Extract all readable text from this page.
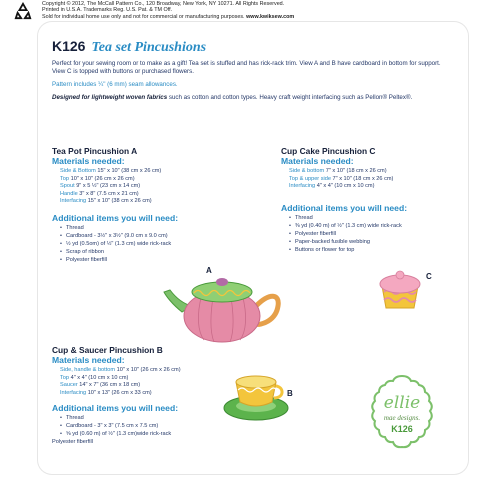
Copyright © 2012, The McCall Pattern Co., 120 Broadway, New York, NY 10271. All Rights Reserved.
Printed in U.S.A. Trademarks Reg. U.S. Pat. & TM Off.
Sold for individual home use only and not for commercial or manufacturing purposes. www.kwiksew.com
K126 Tea set Pincushions

Perfect for your sewing room or to make as a gift! Tea set is stuffed and has rick-rack trim. View A and B have cardboard in bottom for support. View C is topped with buttons or purchased flowers.

Pattern includes ¼" (6 mm) seam allowances.

Designed for lightweight woven fabrics such as cotton and cotton types. Heavy craft weight interfacing such as Pellon® Peltex®.

Tea Pot Pincushion A
Materials needed:
Side & Bottom 15" x 10" (38 cm x 26 cm)
Top 10" x 10" (26 cm x 26 cm)
Spout 9" x 5 ½" (23 cm x 14 cm)
Handle 3" x 8" (7.5 cm x 21 cm)
Interfacing 15" x 10" (38 cm x 26 cm)
Additional items you will need:
• Thread
• Cardboard - 3½" x 3½" (9.0 cm x 9.0 cm)
• ½ yd (0.5om) of ½" (1.3 cm) wide rick-rack
• Scrap of ribbon
• Polyester fiberfill
Cup Cake Pincushion C
Materials needed:
Side & bottom 7" x 10" (18 cm x 26 cm)
Top & upper side 7" x 10" (18 cm x 26 cm)
Interfacing 4" x 4" (10 cm x 10 cm)
Additional items you will need:
• Thread
• ⅜ yd (0.40 m) of ½" (1.3 cm) wide rick-rack
• Polyester fiberfill
• Paper-backed fusible webbing
• Buttons or flower for top
Cup & Saucer Pincushion B
Materials needed:
Side, handle & bottom 10" x 10" (26 cm x 26 cm)
Top 4" x 4" (10 cm x 10 cm)
Saucer 14" x 7" (36 cm x 18 cm)
Interfacing 10" x 13" (26 cm x 33 cm)
Additional items you will need:
• Thread
• Cardboard - 3" x 3" (7.5 cm x 7.5 cm)
• ⅝ yd (0.60 m) of ½" (1.3 cm)wide rick-rack
Polyester fiberfill
A
B
C
ellie
mae designs.
K126
